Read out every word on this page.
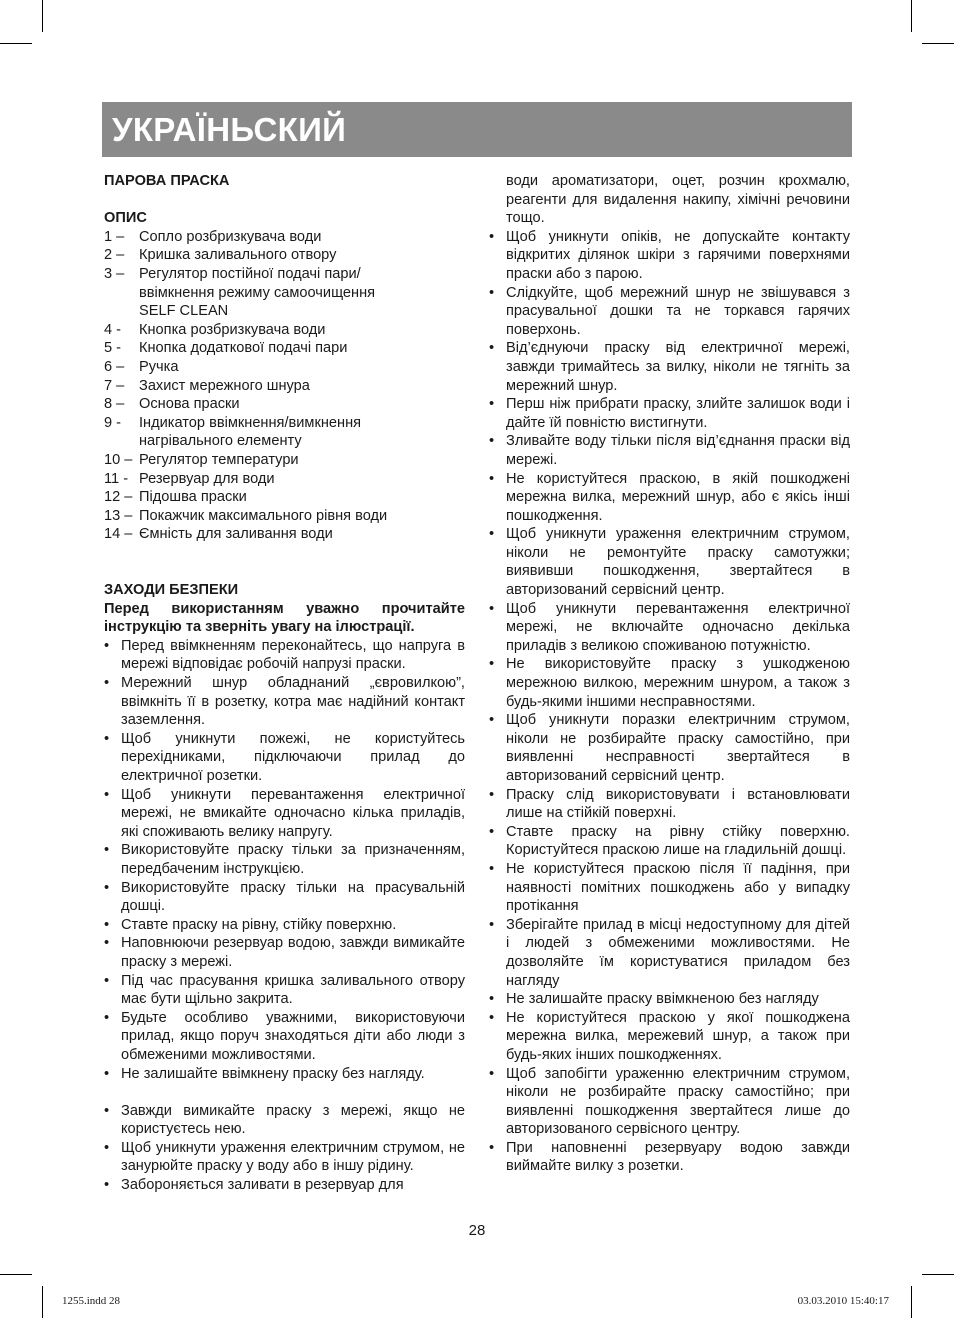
УКРАЇНЬСКИЙ

ПАРОВА ПРАСКА

ОПИС

1 –	Сопло розбризкувача води
2 –	Кришка заливального отвору
3 –	Регулятор постійної подачі пари/ ввімкнення режиму самоочищення SELF CLEAN
4 -	Кнопка розбризкувача води
5 -	Кнопка додаткової подачі пари
6 –	Ручка
7 –	Захист мережного шнура
8 –	Основа праски
9 -	Індикатор ввімкнення/вимкнення нагрівального елементу
10 – Регулятор температури
11 - Резервуар для води
12 – Підошва праски
13 – Покажчик максимального рівня води
14 – Ємність для заливання води

ЗАХОДИ БЕЗПЕКИ

Перед використанням уважно прочитайте інструкцію та зверніть увагу на ілюстрації.

• Перед ввімкненням переконайтесь, що напруга в мережі відповідає робочій напрузі праски.
• Мережний шнур обладнаний „євровилкою”, ввімкніть її в розетку, котра має надійний контакт заземлення.
• Щоб уникнути пожежі, не користуйтесь перехідниками, підключаючи прилад до електричної розетки.
• Щоб уникнути перевантаження електричної мережі, не вмикайте одночасно кілька приладів, які споживають велику напругу.
• Використовуйте праску тільки за призначенням, передбаченим інструкцією.
• Використовуйте праску тільки на прасувальній дошці.
• Ставте праску на рівну, стійку поверхню.
• Наповнюючи резервуар водою, завжди вимикайте праску з мережі.
• Під час прасування кришка заливального отвору має бути щільно закрита.
• Будьте особливо уважними, використовуючи прилад, якщо поруч знаходяться діти або люди з обмеженими можливостями.
• Не залишайте ввімкнену праску без нагляду.
• Завжди вимикайте праску з мережі, якщо не користуєтесь нею.
• Щоб уникнути ураження електричним струмом, не занурюйте праску у воду або в іншу рідину.
• Забороняється заливати в резервуар для
води ароматизатори, оцет, розчин крохмалю, реагенти для видалення накипу, хімічні речовини тощо.
• Щоб уникнути опіків, не допускайте контакту відкритих ділянок шкіри з гарячими поверхнями праски або з парою.
• Слідкуйте, щоб мережний шнур не звішувався з прасувальної дошки та не торкався гарячих поверхонь.
• Від’єднуючи праску від електричної мережі, завжди тримайтесь за вилку, ніколи не тягніть за мережний шнур.
• Перш ніж прибрати праску, злийте залишок води і дайте їй повністю вистигнути.
• Зливайте воду тільки після від’єднання праски від мережі.
• Не користуйтеся праскою, в якій пошкоджені мережна вилка, мережний шнур, або є якісь інші пошкодження.
• Щоб уникнути ураження електричним струмом, ніколи не ремонтуйте праску самотужки; виявивши пошкодження, звертайтеся в авторизований сервісний центр.
• Щоб уникнути перевантаження електричної мережі, не включайте одночасно декілька приладів з великою споживаною потужністю.
• Не використовуйте праску з ушкодженою мережною вилкою, мережним шнуром, а також з будь-якими іншими несправностями.
• Щоб уникнути поразки електричним струмом, ніколи не розбирайте праску самостійно, при виявленні несправності звертайтеся в авторизований сервісний центр.
• Праску слід використовувати і встановлювати лише на стійкій поверхні.
• Ставте праску на рівну стійку поверхню. Користуйтеся праскою лише на гладильній дошці.
• Не користуйтеся праскою після її падіння, при наявності помітних пошкоджень або у випадку протікання
• Зберігайте прилад в місці недоступному для дітей і людей з обмеженими можливостями. Не дозволяйте їм користуватися приладом без нагляду
• Не залишайте праску ввімкненою без нагляду
• Не користуйтеся праскою у якої пошкоджена мережна вилка, мережевий шнур, а також при будь-яких інших пошкодженнях.
• Щоб запобігти ураженню електричним струмом, ніколи не розбирайте праску самостійно; при виявленні пошкодження звертайтеся лише до авторизованого сервісного центру.
• При наповненні резервуару водою завжди виймайте вилку з розетки.
28
1255.indd 28	03.03.2010 15:40:17
